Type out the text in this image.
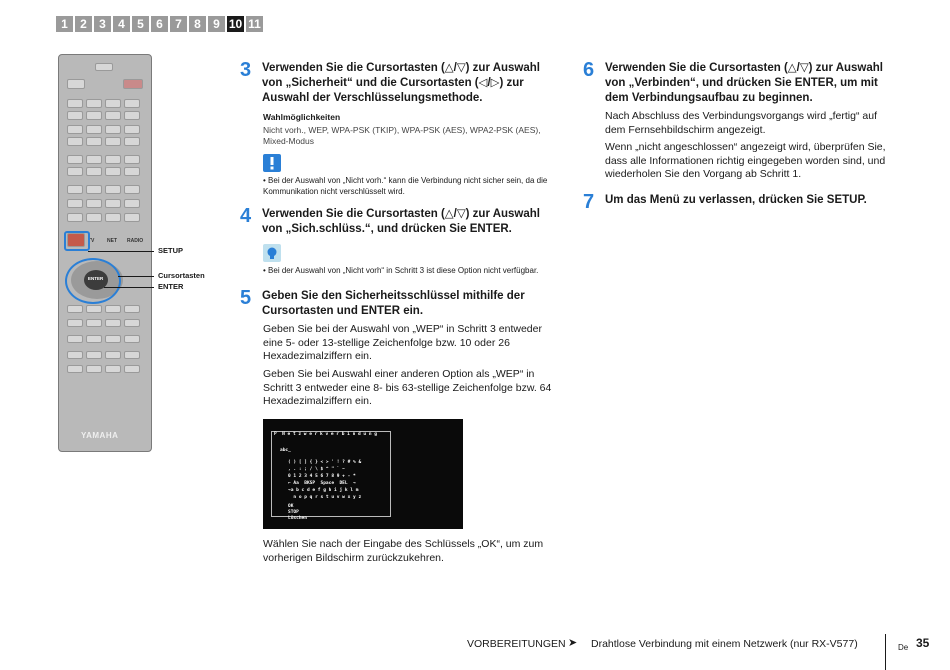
1	2	3	4	5	6	7	8	9 10 11
TV	NET RADIO
ENTER
YAMAHA
SETUP
Cursortasten
ENTER
3 Verwenden Sie die Cursortasten (△/▽) zur Auswahl von „Sicherheit“ und die Cursortasten (◁/▷) zur Auswahl der Verschlüsselungsmethode.
Wahlmöglichkeiten
Nicht vorh., WEP, WPA-PSK (TKIP), WPA-PSK (AES), WPA2-PSK (AES), Mixed-Modus
• Bei der Auswahl von „Nicht vorh.“ kann die Verbindung nicht sicher sein, da die Kommunikation nicht verschlüsselt wird.
4 Verwenden Sie die Cursortasten (△/▽) zur Auswahl von „Sich.schlüss.“, und drücken Sie ENTER.
• Bei der Auswahl von „Nicht vorh“ in Schritt 3 ist diese Option nicht verfügbar.
5 Geben Sie den Sicherheitsschlüssel mithilfe der Cursortasten und ENTER ein.
Geben Sie bei der Auswahl von „WEP“ in Schritt 3 entweder eine 5- oder 13-stellige Zeichenfolge bzw. 10 oder 26 Hexadezimalziffern ein.
Geben Sie bei Auswahl einer anderen Option als „WEP“ in Schritt 3 entweder eine 8- bis 63-stellige Zeichenfolge bzw. 64 Hexadezimalziffern ein.
P  N e t z w e r k v e r b i n d u n g
abc_
( ) [ ] { } < > ' ! ? # % &
, . : ; / \ $ ^ " ` ~
0 1 2 3 4 5 6 7 8 9 + - *
← Aa  BKSP  Space  DEL  →
→a b c d e f g h i j k l m
n o p q r s t u v w x y z
OK
STOP
Löschen
Wählen Sie nach der Eingabe des Schlüssels „OK“, um zum vorherigen Bildschirm zurückzukehren.
6 Verwenden Sie die Cursortasten (△/▽) zur Auswahl von „Verbinden“, und drücken Sie ENTER, um mit dem Verbindungsaufbau zu beginnen.
Nach Abschluss des Verbindungsvorgangs wird „fertig“ auf dem Fernsehbildschirm angezeigt.
Wenn „nicht angeschlossen“ angezeigt wird, überprüfen Sie, dass alle Informationen richtig eingegeben worden sind, und wiederholen Sie den Vorgang ab Schritt 1.
7 Um das Menü zu verlassen, drücken Sie SETUP.
VORBEREITUNGEN ➤ Drahtlose Verbindung mit einem Netzwerk (nur RX-V577)	De 35
